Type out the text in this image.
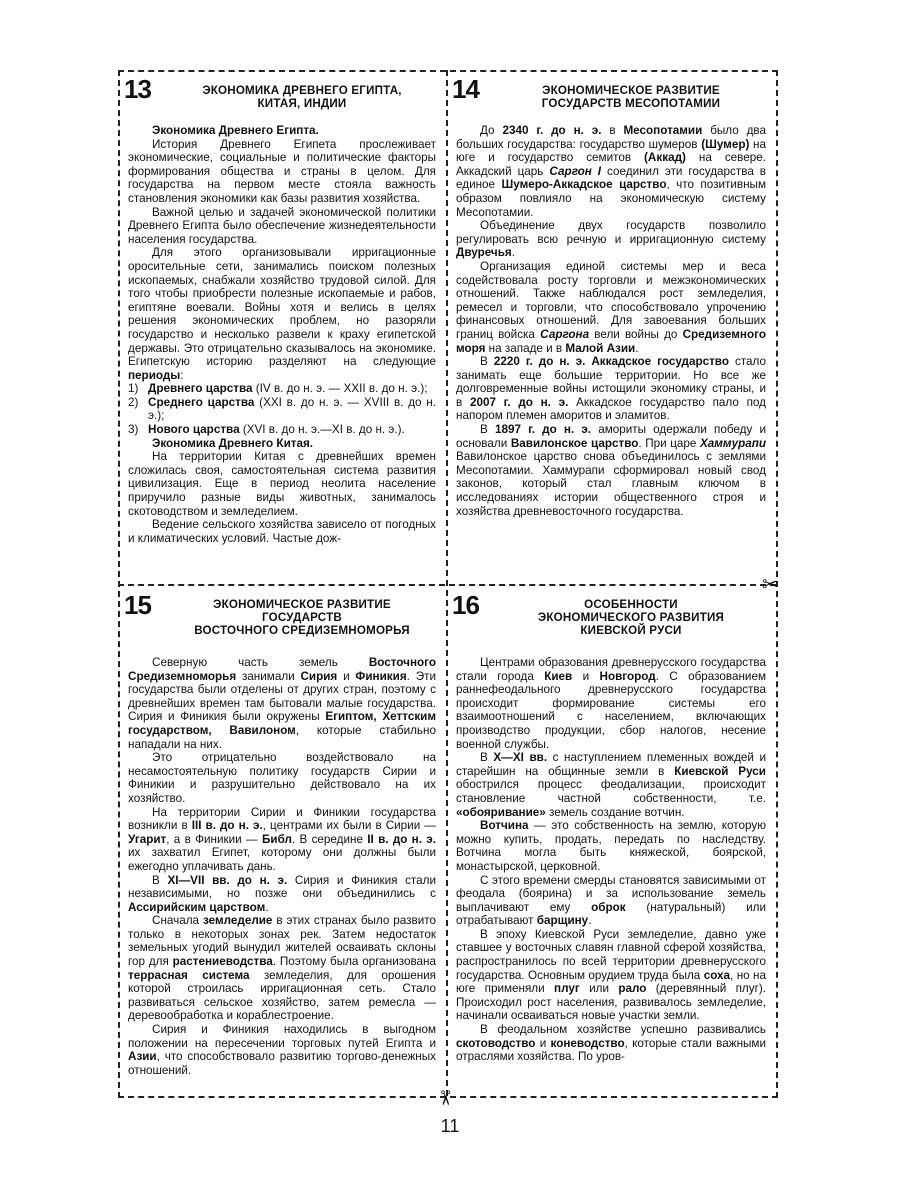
✂
✂
13	ЭКОНОМИКА ДРЕВНЕГО ЕГИПТА,
КИТАЯ, ИНДИИ

Экономика Древнего Египта.

История Древнего Египета прослеживает экономические, социальные и политические факторы формирования общества и страны в целом. Для государства на первом месте стояла важность становления экономики как базы развития хозяйства.

Важной целью и задачей экономической политики Древнего Египта было обеспечение жизнедеятельности населения государства.

Для этого организовывали ирригационные оросительные сети, занимались поиском полезных ископаемых, снабжали хозяйство трудовой силой. Для того чтобы приобрести полезные ископаемые и рабов, египтяне воевали. Войны хотя и велись в целях решения экономических проблем, но разоряли государство и несколько развели к краху египетской державы. Это отрицательно сказывалось на экономике. Египетскую историю разделяют на следующие периоды:

1) Древнего царства (IV в. до н. э. — XXII в. до н. э.);

2) Среднего царства (XXI в. до н. э. — XVIII в. до н. э.);

3) Нового царства (XVI в. до н. э.—XI в. до н. э.).

Экономика Древнего Китая.

На территории Китая с древнейших времен сложилась своя, самостоятельная система развития цивилизация. Еще в период неолита население приручило разные виды животных, занималось скотоводством и земледелием.

Ведение сельского хозяйства зависело от погодных и климатических условий. Частые дож-

14	ЭКОНОМИЧЕСКОЕ РАЗВИТИЕ
ГОСУДАРСТВ МЕСОПОТАМИИ

До 2340 г. до н. э. в Месопотамии было два больших государства: государство шумеров (Шумер) на юге и государство семитов (Аккад) на севере. Аккадский царь Саргон I соединил эти государства в единое Шумеро-Аккадское царство, что позитивным образом повлияло на экономическую систему Месопотамии.

Объединение двух государств позволило регулировать всю речную и ирригационную систему Двуречья.

Организация единой системы мер и веса содействовала росту торговли и межэкономических отношений. Также наблюдался рост земледелия, ремесел и торговли, что способствовало упрочению финансовых отношений. Для завоевания больших границ войска Саргона вели войны до Средиземного моря на западе и в Малой Азии.

В 2220 г. до н. э. Аккадское государство стало занимать еще большие территории. Но все же долговременные войны истощили экономику страны, и в 2007 г. до н. э. Аккадское государство пало под напором племен аморитов и эламитов.

В 1897 г. до н. э. амориты одержали победу и основали Вавилонское царство. При царе Хаммурапи Вавилонское царство снова объединилось с землями Месопотамии. Хаммурапи сформировал новый свод законов, который стал главным ключом в исследованиях истории общественного строя и хозяйства древневосточного государства.

15	ЭКОНОМИЧЕСКОЕ РАЗВИТИЕ
ГОСУДАРСТВ
ВОСТОЧНОГО СРЕДИЗЕМНОМОРЬЯ

Северную часть земель Восточного Средиземноморья занимали Сирия и Финикия. Эти государства были отделены от других стран, поэтому с древнейших времен там бытовали малые государства. Сирия и Финикия были окружены Египтом, Хеттским государством, Вавилоном, которые стабильно нападали на них.

Это отрицательно воздействовало на несамостоятельную политику государств Сирии и Финикии и разрушительно действовало на их хозяйство.

На территории Сирии и Финикии государства возникли в III в. до н. э., центрами их были в Сирии — Угарит, а в Финикии — Библ. В середине II в. до н. э. их захватил Египет, которому они должны были ежегодно уплачивать дань.

В XI—VII вв. до н. э. Сирия и Финикия стали независимыми, но позже они объединились с Ассирийским царством.

Сначала земледелие в этих странах было развито только в некоторых зонах рек. Затем недостаток земельных угодий вынудил жителей осваивать склоны гор для растениеводства. Поэтому была организована террасная система земледелия, для орошения которой строилась ирригационная сеть. Стало развиваться сельское хозяйство, затем ремесла — деревообработка и кораблестроение.

Сирия и Финикия находились в выгодном положении на пересечении торговых путей Египта и Азии, что способствовало развитию торгово-денежных отношений.

16	ОСОБЕННОСТИ
ЭКОНОМИЧЕСКОГО РАЗВИТИЯ
КИЕВСКОЙ РУСИ

Центрами образования древнерусского государства стали города Киев и Новгород. С образованием раннефеодального древнерусского государства происходит формирование системы его взаимоотношений с населением, включающих производство продукции, сбор налогов, несение военной службы.

В X—XI вв. с наступлением племенных вождей и старейшин на общинные земли в Киевской Руси обострился процесс феодализации, происходит становление частной собственности, т.е. «обояривание» земель создание вотчин.

Вотчина — это собственность на землю, которую можно купить, продать, передать по наследству. Вотчина могла быть княжеской, боярской, монастырской, церковной.

С этого времени смерды становятся зависимыми от феодала (боярина) и за использование земель выплачивают ему оброк (натуральный) или отрабатывают барщину.

В эпоху Киевской Руси земледелие, давно уже ставшее у восточных славян главной сферой хозяйства, распространилось по всей территории древнерусского государства. Основным орудием труда была соха, но на юге применяли плуг или рало (деревянный плуг). Происходил рост населения, развивалось земледелие, начинали осваиваться новые участки земли.

В феодальном хозяйстве успешно развивались скотоводство и коневодство, которые стали важными отраслями хозяйства. По уров-

11
